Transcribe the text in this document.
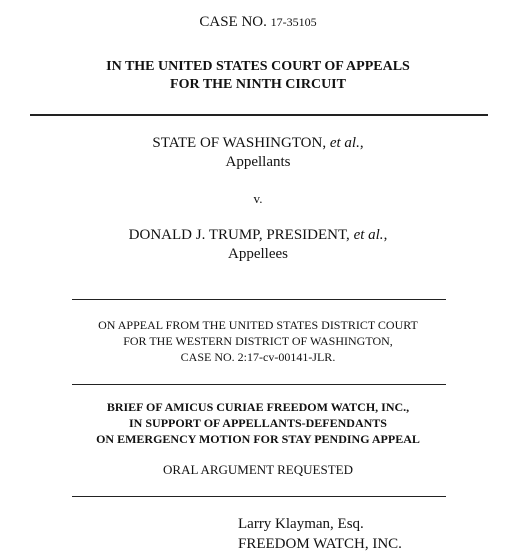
CASE NO. 17-35105
IN THE UNITED STATES COURT OF APPEALS
FOR THE NINTH CIRCUIT
STATE OF WASHINGTON, et al.,
Appellants
v.
DONALD J. TRUMP, PRESIDENT, et al.,
Appellees
ON APPEAL FROM THE UNITED STATES DISTRICT COURT
FOR THE WESTERN DISTRICT OF WASHINGTON,
CASE NO. 2:17-cv-00141-JLR.
BRIEF OF AMICUS CURIAE FREEDOM WATCH, INC.,
IN SUPPORT OF APPELLANTS-DEFENDANTS
ON EMERGENCY MOTION FOR STAY PENDING APPEAL
ORAL ARGUMENT REQUESTED
Larry Klayman, Esq.
FREEDOM WATCH, INC.
